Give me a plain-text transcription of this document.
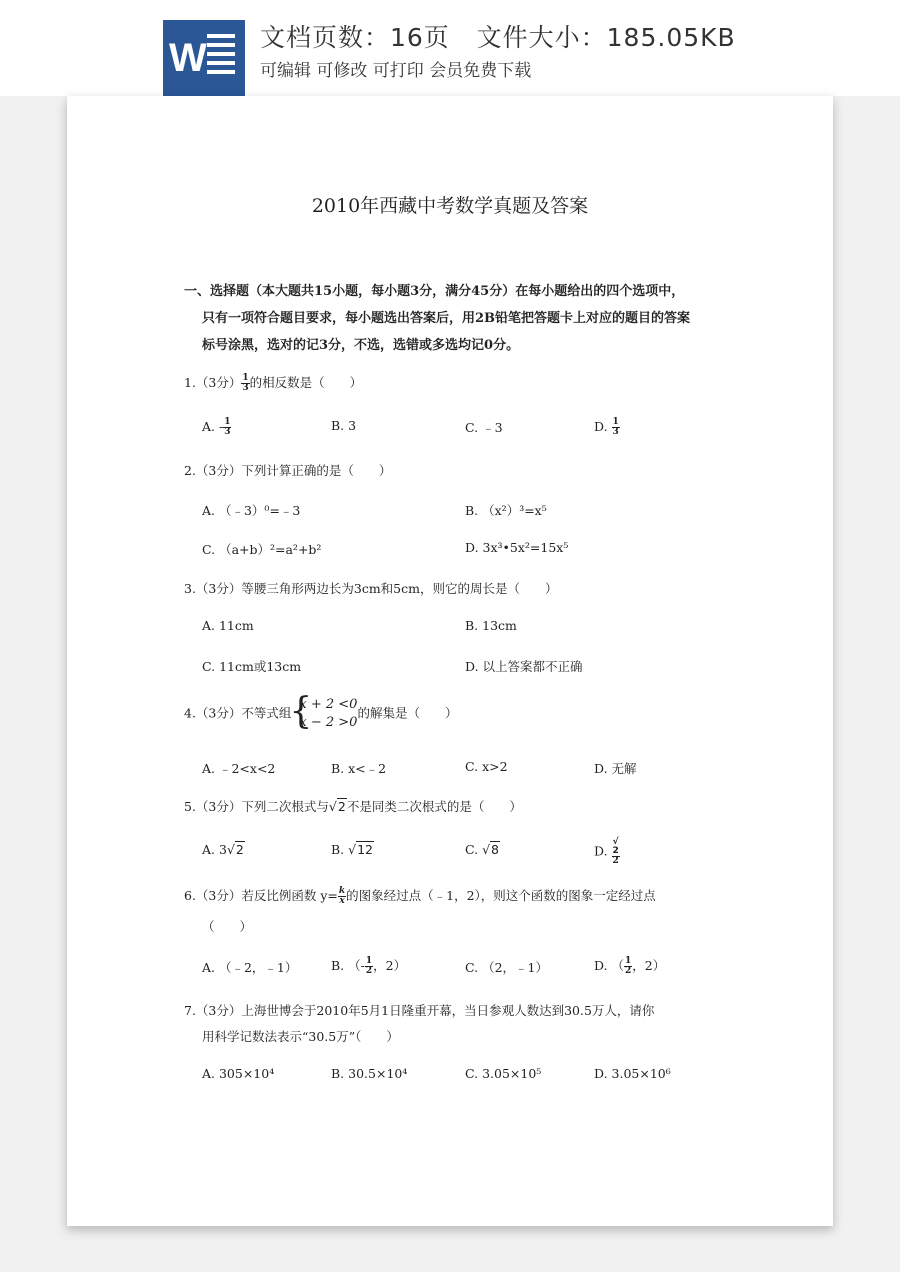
W 文档页数：16页   文件大小：185.05KB
可编辑 可修改 可打印 会员免费下载
2010年西藏中考数学真题及答案
一、选择题（本大题共15小题，每小题3分，满分45分）在每小题给出的四个选项中，
只有一项符合题目要求，每小题选出答案后，用2B铅笔把答题卡上对应的题目的答案
标号涂黑，选对的记3分，不选，选错或多选均记0分。
1.（3分） $\frac{1}{3}$ 的相反数是（　　）
A. - $\frac{1}{3}$	B. 3	C. ﹣3	D. $\frac{1}{3}$
2.（3分）下列计算正确的是（　　）
A. （﹣3）⁰=﹣3	B. （x²）³=x⁵
C. （a+b）²=a²+b²	D. 3x³•5x²=15x⁵
3.（3分）等腰三角形两边长为3cm和5cm，则它的周长是（　　）
A. 11cm	B. 13cm
C. 11cm或13cm	D. 以上答案都不正确
4.（3分）不等式组
{ x + 2 <0
x − 2 >0
的解集是（　　）
A. ﹣2<x<2	B. x<﹣2	C. x>2	D. 无解
5.（3分）下列二次根式与√2不是同类二次根式的是（　　）
A. 3√2	B. √12	C. √8	D. √
2
2
6.（3分）若反比例函数 $y= \frac{k}{x}$ 的图象经过点（﹣1，2），则这个函数的图象一定经过点
（　　）
A. （﹣2，﹣1）	B. （- $\frac{1}{2}$ ，2）	C. （2，﹣1）	D. （ $\frac{1}{2}$ ，2）
7.（3分）上海世博会于2010年5月1日隆重开幕，当日参观人数达到30.5万人，请你
用科学记数法表示“30.5万”（　　）
A. 305×10⁴	B. 30.5×10⁴	C. 3.05×10⁵	D. 3.05×10⁶
